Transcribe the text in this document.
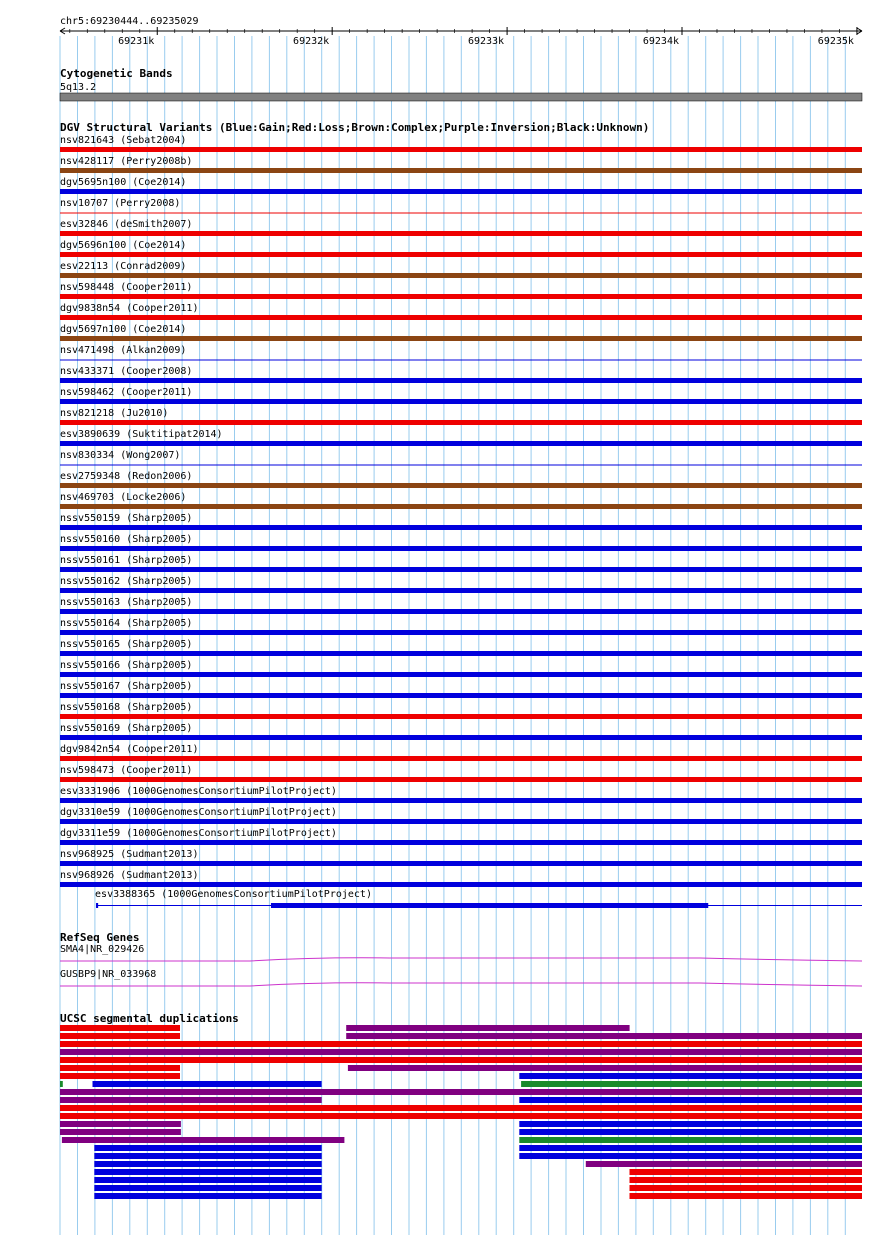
chr5:69230444..69235029
69231k	69232k	69233k	69234k	69235k
Cytogenetic Bands
5q13.2
DGV Structural Variants (Blue:Gain;Red:Loss;Brown:Complex;Purple:Inversion;Black:Unknown)
nsv821643 (Sebat2004)
nsv428117 (Perry2008b)
dgv5695n100 (Coe2014)
nsv10707 (Perry2008)
esv32846 (deSmith2007)
dgv5696n100 (Coe2014)
esv22113 (Conrad2009)
nsv598448 (Cooper2011)
dgv9838n54 (Cooper2011)
dgv5697n100 (Coe2014)
nsv471498 (Alkan2009)
nsv433371 (Cooper2008)
nsv598462 (Cooper2011)
nsv821218 (Ju2010)
esv3890639 (Suktitipat2014)
nsv830334 (Wong2007)
esv2759348 (Redon2006)
nsv469703 (Locke2006)
nssv550159 (Sharp2005)
nssv550160 (Sharp2005)
nssv550161 (Sharp2005)
nssv550162 (Sharp2005)
nssv550163 (Sharp2005)
nssv550164 (Sharp2005)
nssv550165 (Sharp2005)
nssv550166 (Sharp2005)
nssv550167 (Sharp2005)
nssv550168 (Sharp2005)
nssv550169 (Sharp2005)
dgv9842n54 (Cooper2011)
nsv598473 (Cooper2011)
esv3331906 (1000GenomesConsortiumPilotProject)
dgv3310e59 (1000GenomesConsortiumPilotProject)
dgv3311e59 (1000GenomesConsortiumPilotProject)
nsv968925 (Sudmant2013)
nsv968926 (Sudmant2013)
esv3388365 (1000GenomesConsortiumPilotProject)
RefSeq Genes
SMA4|NR_029426
GUSBP9|NR_033968
UCSC segmental duplications
